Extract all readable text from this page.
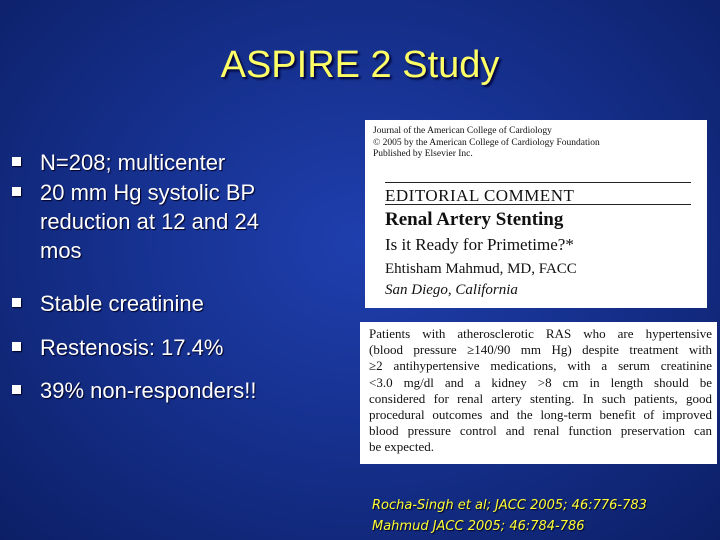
ASPIRE 2 Study
N=208; multicenter
20 mm Hg systolic BP
reduction at 12 and 24
mos
Stable creatinine
Restenosis: 17.4%
39% non-responders!!
Journal of the American College of Cardiology
© 2005 by the American College of Cardiology Foundation
Published by Elsevier Inc.
EDITORIAL COMMENT
Renal Artery Stenting
Is it Ready for Primetime?*
Ehtisham Mahmud, MD, FACC
San Diego, California
Patients with atherosclerotic RAS who are hypertensive
(blood pressure ≥140/90 mm Hg) despite treatment with
≥2 antihypertensive medications, with a serum creatinine
<3.0 mg/dl and a kidney >8 cm in length should be
considered for renal artery stenting. In such patients, good
procedural outcomes and the long-term benefit of improved
blood pressure control and renal function preservation can
be expected.
Rocha-Singh et al; JACC 2005; 46:776-783
Mahmud JACC 2005; 46:784-786
